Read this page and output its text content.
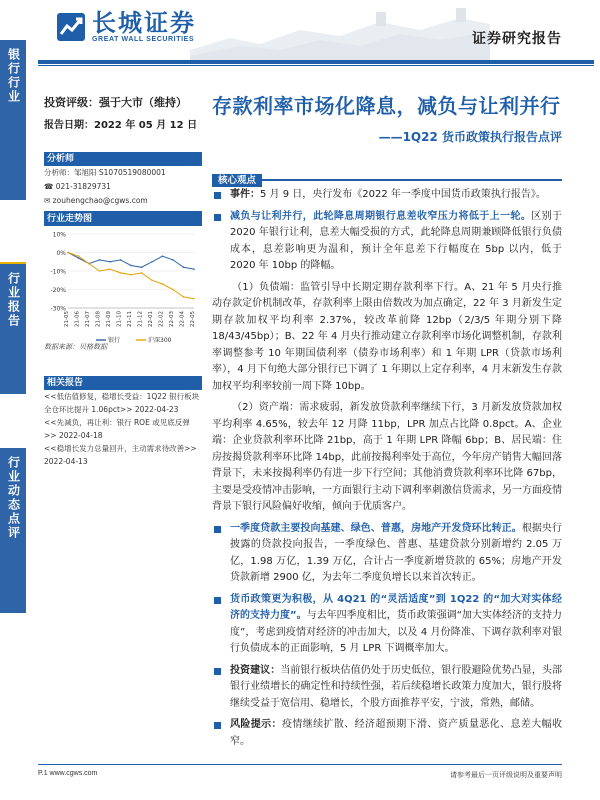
长城证券
GREAT WALL SECURITIES	证券研究报告
银行行业
行业报告
行业动态点评
投资评级：强于大市（维持）
报告日期：2022 年 05 月 12 日
存款利率市场化降息，减负与让利并行
——1Q22 货币政策执行报告点评
分析师

分析师：邹旭阳 S1070519080001

☎ 021-31829731

✉ zouhengchao@cgws.com

行业走势图
10%
0%
-10%
-20%
-30%
21-05 21-06 21-07 21-08 21-09 21-10 21-11 21-12 22-01 22-02 22-03 22-04 22-05
银行	沪深300
数据来源：贝格数据
相关报告

<<低估值修复，稳增长受益：1Q22 银行板块全仓环比提升 1.06pct>> 2022-04-23

<<先减负，再让利：银行 ROE 或见底反弹>> 2022-04-18

<<稳增长发力总量回升，主动需求待改善>> 2022-04-13

核心观点

事件：5 月 9 日，央行发布《2022 年一季度中国货币政策执行报告》。

减负与让利并行，此轮降息周期银行息差收窄压力将低于上一轮。区别于 2020 年银行让利，息差大幅受损的方式，此轮降息周期兼顾降低银行负债成本，息差影响更为温和，预计全年息差下行幅度在 5bp 以内，低于 2020 年 10bp 的降幅。

（1）负债端：监管引导中长期定期存款利率下行。A、21 年 5 月央行推动存款定价机制改革，存款利率上限由倍数改为加点确定，22 年 3 月新发生定期存款加权平均利率 2.37%，较改革前降 12bp（2/3/5 年期分别下降 18/43/45bp）；B、22 年 4 月央行推动建立存款利率市场化调整机制，存款利率调整参考 10 年期国债利率（债券市场利率）和 1 年期 LPR（贷款市场利率），4 月下旬绝大部分银行已下调了 1 年期以上定存利率，4 月末新发生存款加权平均利率较前一周下降 10bp。

（2）资产端：需求疲弱，新发放贷款利率继续下行，3 月新发放贷款加权平均利率 4.65%，较去年 12 月降 11bp，LPR 加点占比降 0.8pct。A、企业端：企业贷款利率环比降 21bp，高于 1 年期 LPR 降幅 6bp；B、居民端：住房按揭贷款利率环比降 14bp，此前按揭利率处于高位，今年房产销售大幅回落背景下，未来按揭利率仍有进一步下行空间；其他消费贷款利率环比降 67bp，主要是受疫情冲击影响，一方面银行主动下调利率刺激信贷需求，另一方面疫情背景下银行风险偏好收缩，倾向于优质客户。

一季度贷款主要投向基建、绿色、普惠，房地产开发贷环比转正。根据央行披露的贷款投向报告，一季度绿色、普惠、基建贷款分别新增约 2.05 万亿，1.98 万亿，1.39 万亿，合计占一季度新增贷款的 65%；房地产开发贷款新增 2900 亿，为去年二季度负增长以来首次转正。

货币政策更为积极，从 4Q21 的“灵活适度”到 1Q22 的“加大对实体经济的支持力度”。与去年四季度相比，货币政策强调“加大实体经济的支持力度”，考虑到疫情对经济的冲击加大，以及 4 月份降准、下调存款利率对银行负债成本的正面影响，5 月 LPR 下调概率加大。

投资建议：当前银行板块估值仍处于历史低位，银行股避险优势凸显，头部银行业绩增长的确定性和持续性强，若后续稳增长政策力度加大，银行股将继续受益于宽信用、稳增长，个股方面推荐平安，宁波，常熟，邮储。

风险提示：疫情继续扩散、经济超预期下滑、资产质量恶化、息差大幅收窄。

P.1 www.cgws.com	请参考最后一页评级说明及重要声明
